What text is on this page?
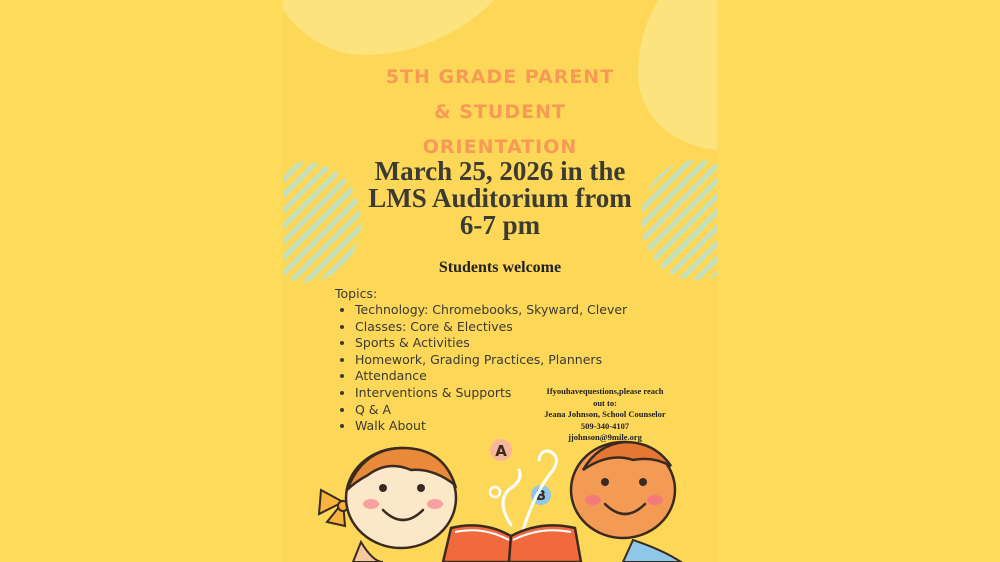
5TH GRADE PARENT
& STUDENT
ORIENTATION
March 25, 2026 in the
LMS Auditorium from
6-7 pm
Students welcome
Topics:
• Technology: Chromebooks, Skyward, Clever
• Classes: Core & Electives
• Sports & Activities
• Homework, Grading Practices, Planners
• Attendance
• Interventions & Supports
• Q & A
• Walk About
Ifyouhavequestions,please reach
out to:
Jeana Johnson, School Counselor
509-340-4107
jjohnson@9mile.org
A
B
